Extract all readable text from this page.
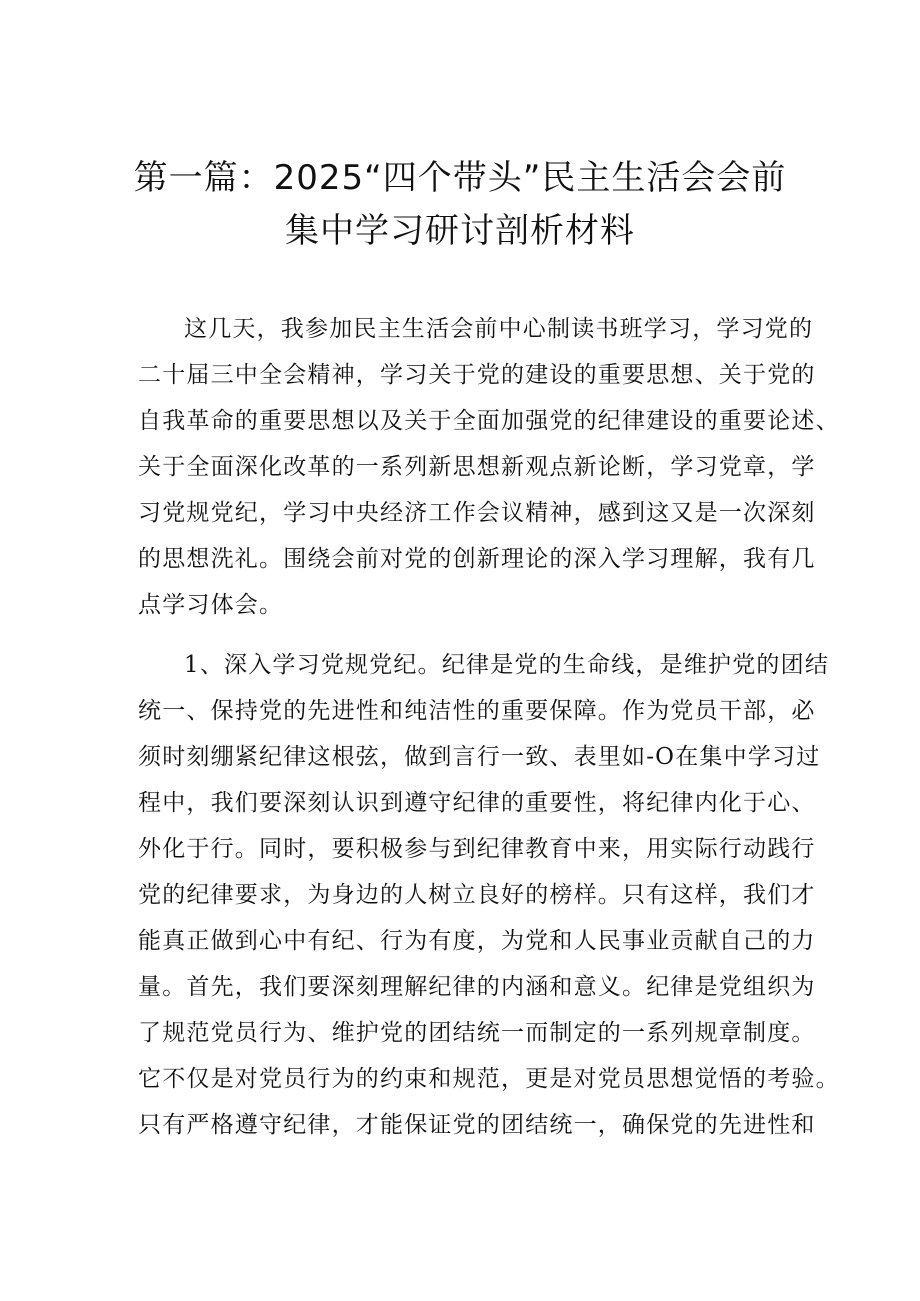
第一篇：2025“四个带头”民主生活会会前
集中学习研讨剖析材料
这几天，我参加民主生活会前中心制读书班学习，学习党的
二十届三中全会精神，学习关于党的建设的重要思想、关于党的
自我革命的重要思想以及关于全面加强党的纪律建设的重要论述、
关于全面深化改革的一系列新思想新观点新论断，学习党章，学
习党规党纪，学习中央经济工作会议精神，感到这又是一次深刻
的思想洗礼。围绕会前对党的创新理论的深入学习理解，我有几
点学习体会。
1、深入学习党规党纪。纪律是党的生命线，是维护党的团结
统一、保持党的先进性和纯洁性的重要保障。作为党员干部，必
须时刻绷紧纪律这根弦，做到言行一致、表里如-O在集中学习过
程中，我们要深刻认识到遵守纪律的重要性，将纪律内化于心、
外化于行。同时，要积极参与到纪律教育中来，用实际行动践行
党的纪律要求，为身边的人树立良好的榜样。只有这样，我们才
能真正做到心中有纪、行为有度，为党和人民事业贡献自己的力
量。首先，我们要深刻理解纪律的内涵和意义。纪律是党组织为
了规范党员行为、维护党的团结统一而制定的一系列规章制度。
它不仅是对党员行为的约束和规范，更是对党员思想觉悟的考验。
只有严格遵守纪律，才能保证党的团结统一，确保党的先进性和
